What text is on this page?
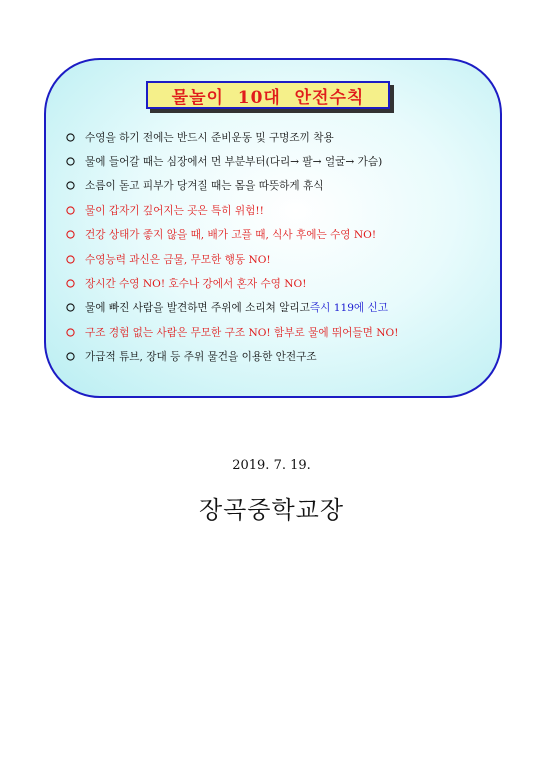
물놀이  10대  안전수칙
수영을 하기 전에는 반드시 준비운동 및 구명조끼 착용
물에 들어갈 때는 심장에서 먼 부분부터(다리→ 팔→ 얼굴→ 가슴)
소름이 돋고 피부가 당겨질 때는 몸을 따뜻하게 휴식
물이 갑자기 깊어지는 곳은 특히 위험!!
건강 상태가 좋지 않을 때, 배가 고플 때, 식사 후에는 수영 NO!
수영능력 과신은 금물, 무모한 행동 NO!
장시간 수영 NO! 호수나 강에서 혼자 수영 NO!
물에 빠진 사람을 발견하면 주위에 소리쳐 알리고 즉시 119에 신고
구조 경험 없는 사람은 무모한 구조 NO! 함부로 물에 뛰어들면 NO!
가급적 튜브, 장대 등 주위 물건을 이용한 안전구조
2019. 7. 19.
장곡중학교장
